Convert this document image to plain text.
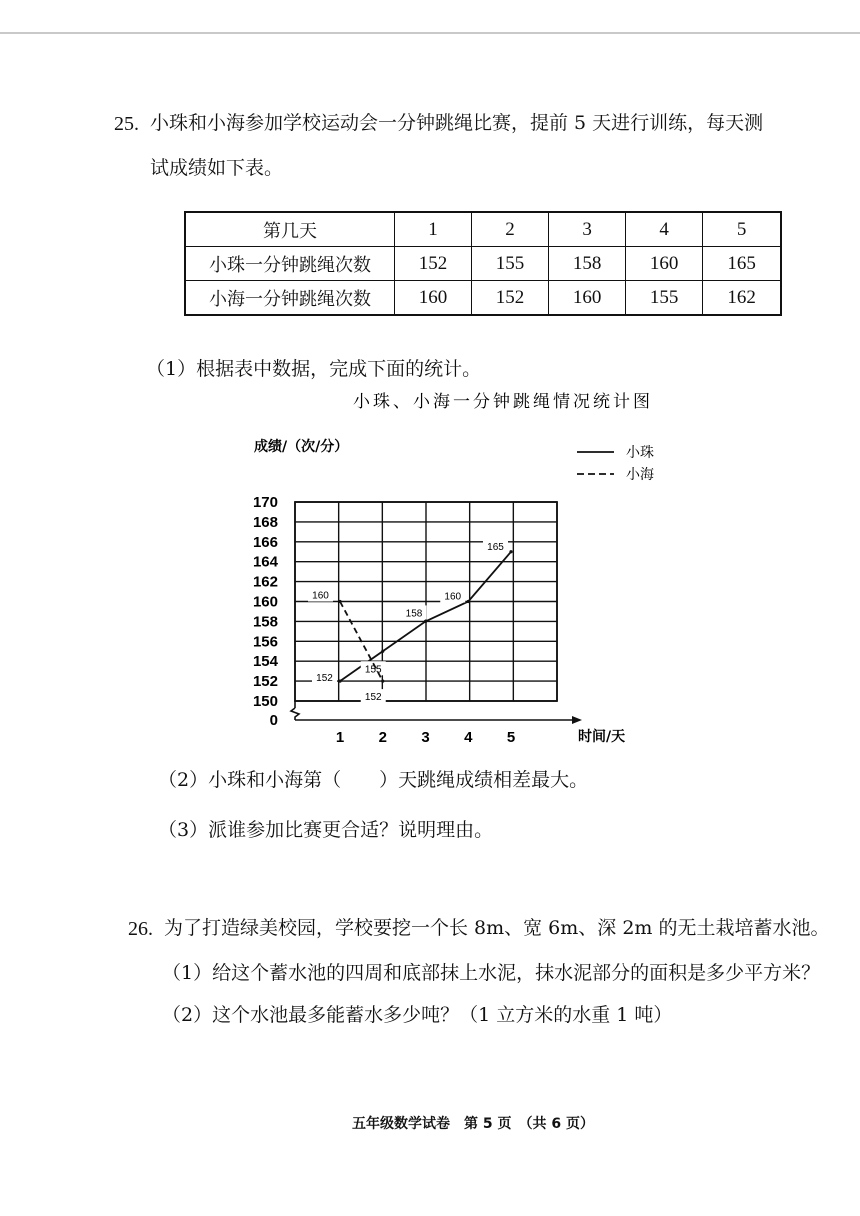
25. 小珠和小海参加学校运动会一分钟跳绳比赛，提前 5 天进行训练，每天测
试成绩如下表。
第几天	1	2	3	4	5
小珠一分钟跳绳次数	152	155	158	160	165
小海一分钟跳绳次数	160	152	160	155	162
（1）根据表中数据，完成下面的统计。
小珠、小海一分钟跳绳情况统计图
成绩/（次/分）
时间/天
0
150
152
154
156
158
160
162
164
166
168
170
1 2 3 4 5
152
155
158
160
165
160
152
小珠
小海
（2）小珠和小海第（　　）天跳绳成绩相差最大。
（3）派谁参加比赛更合适？说明理由。
26. 为了打造绿美校园，学校要挖一个长 8m、宽 6m、深 2m 的无土栽培蓄水池。
（1）给这个蓄水池的四周和底部抹上水泥，抹水泥部分的面积是多少平方米？
（2）这个水池最多能蓄水多少吨？（1 立方米的水重 1 吨）
五年级数学试卷　第 5 页　（共 6 页）
